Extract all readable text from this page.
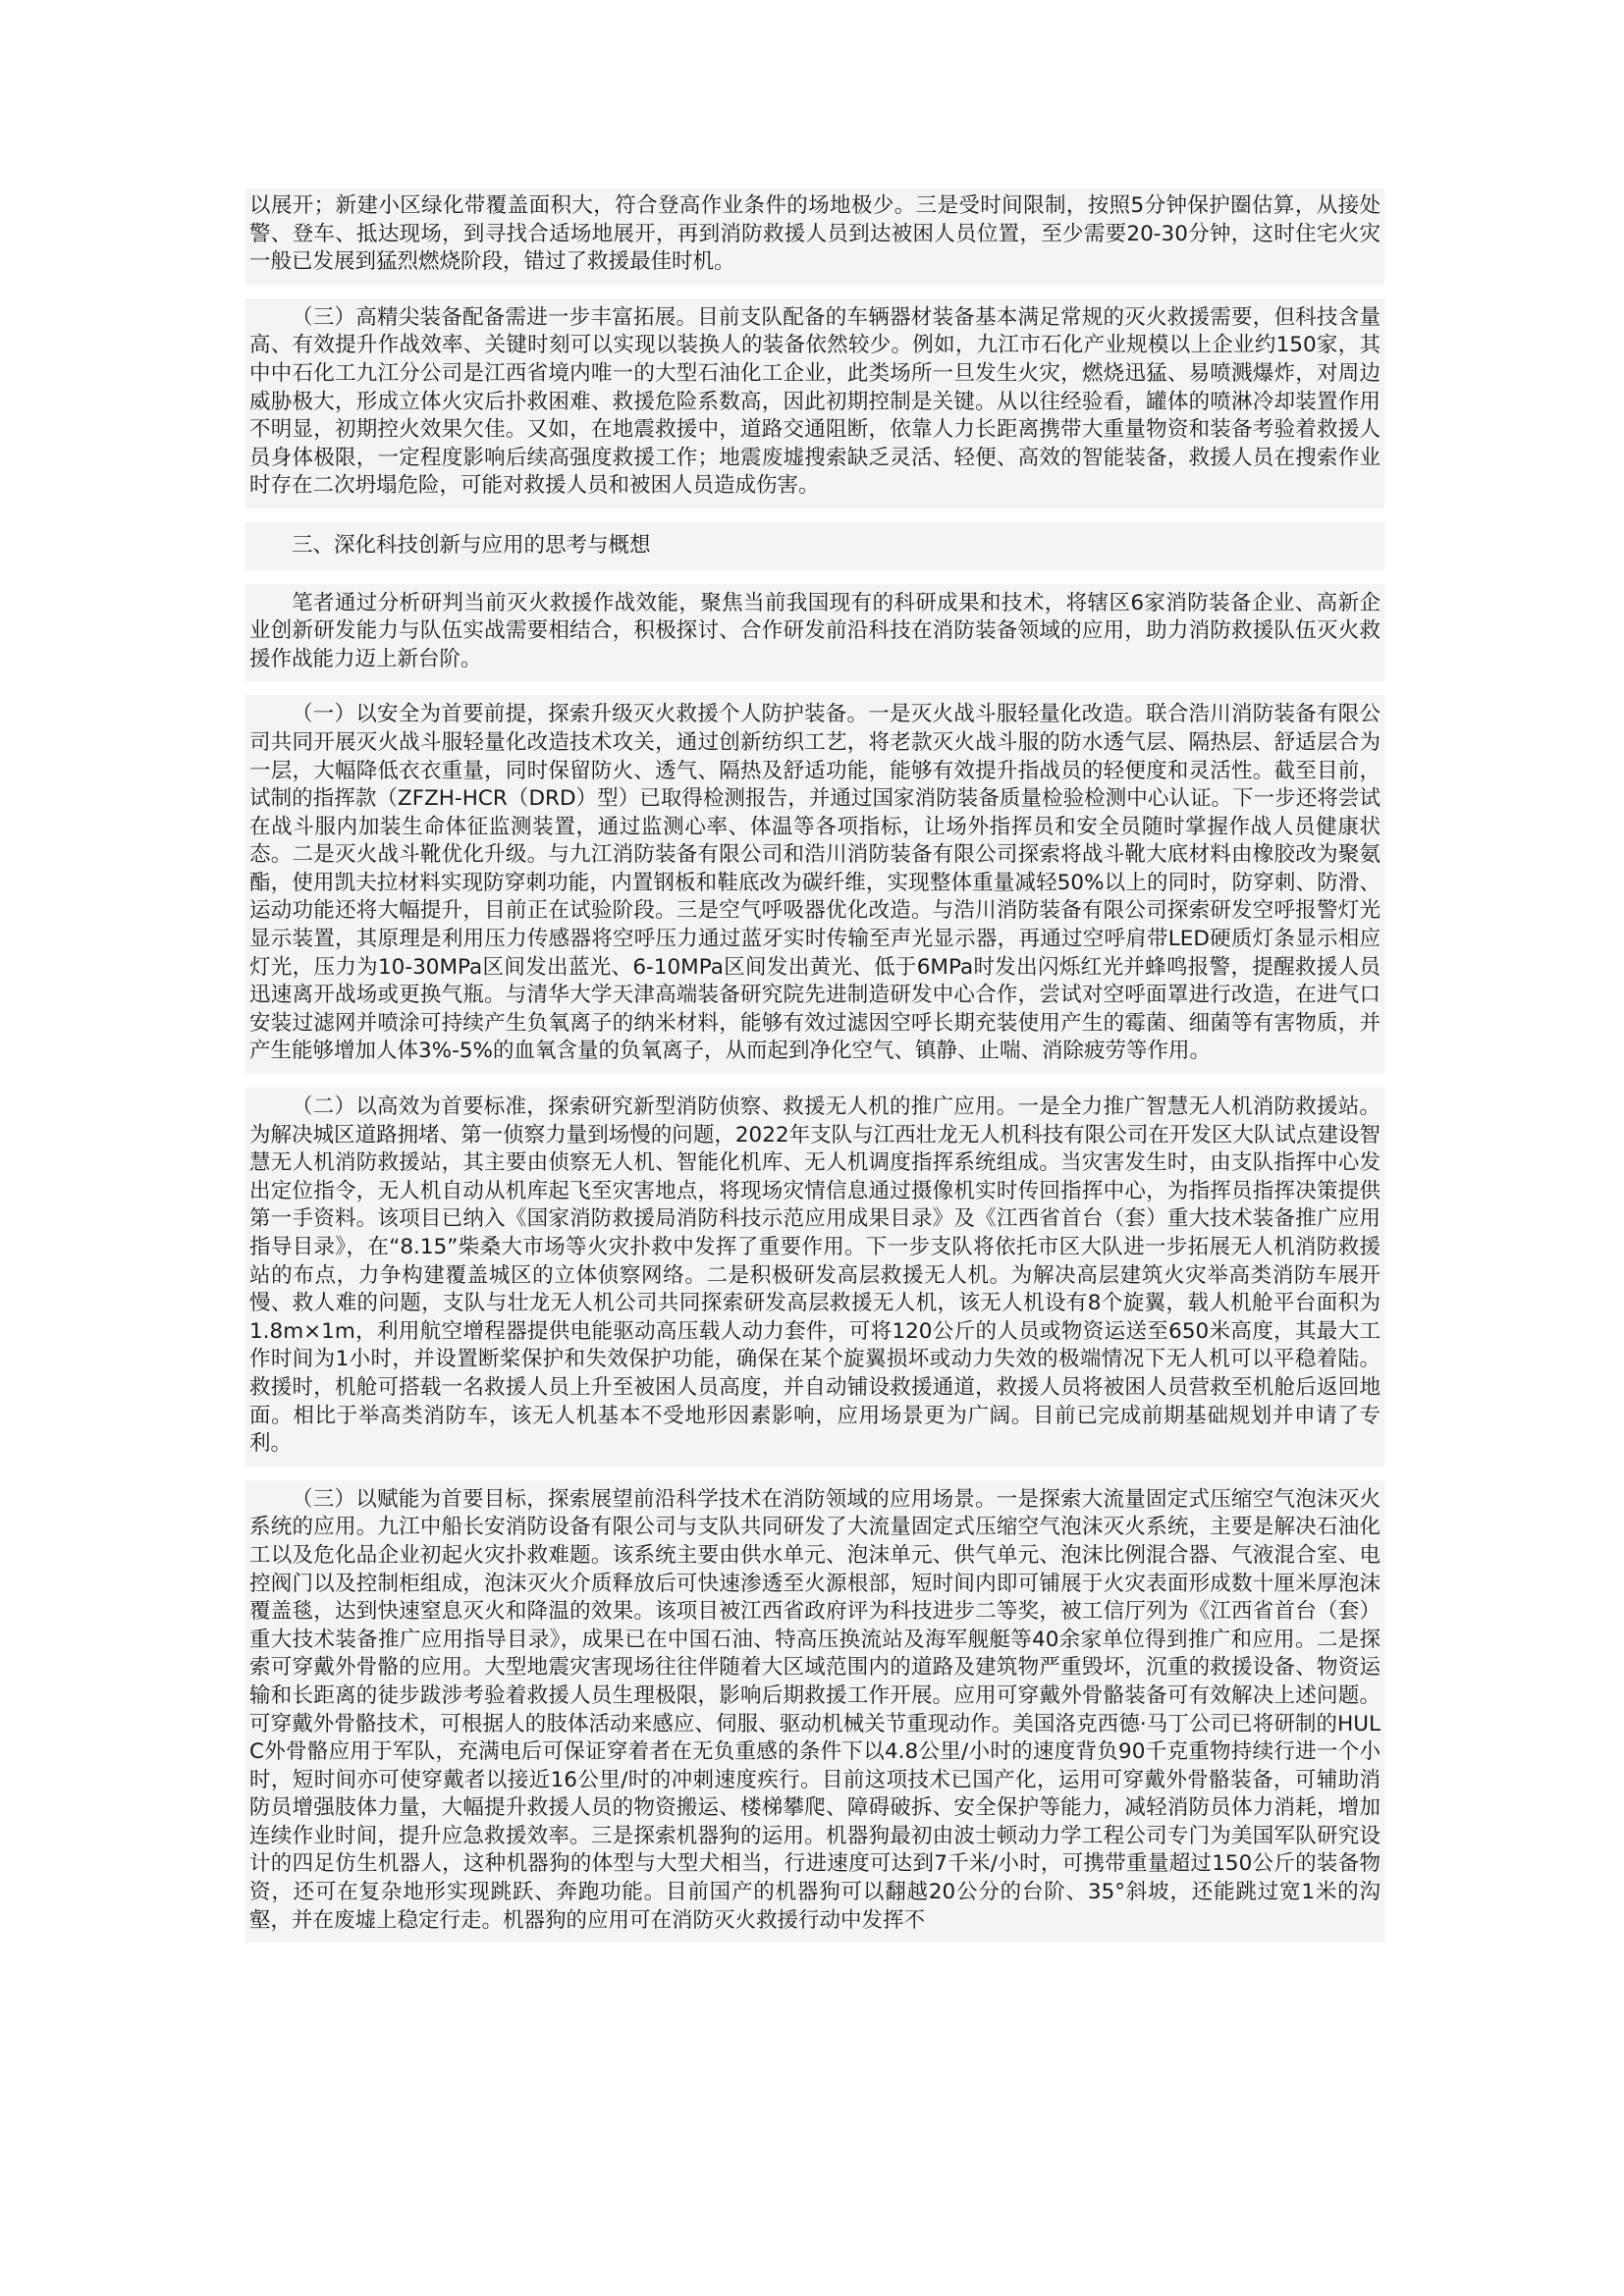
以展开；新建小区绿化带覆盖面积大，符合登高作业条件的场地极少。三是受时间限制，按照5分钟保护圈估算，从接处警、登车、抵达现场，到寻找合适场地展开，再到消防救援人员到达被困人员位置，至少需要20-30分钟，这时住宅火灾一般已发展到猛烈燃烧阶段，错过了救援最佳时机。

（三）高精尖装备配备需进一步丰富拓展。目前支队配备的车辆器材装备基本满足常规的灭火救援需要，但科技含量高、有效提升作战效率、关键时刻可以实现以装换人的装备依然较少。例如，九江市石化产业规模以上企业约150家，其中中石化工九江分公司是江西省境内唯一的大型石油化工企业，此类场所一旦发生火灾，燃烧迅猛、易喷溅爆炸，对周边威胁极大，形成立体火灾后扑救困难、救援危险系数高，因此初期控制是关键。从以往经验看，罐体的喷淋冷却装置作用不明显，初期控火效果欠佳。又如，在地震救援中，道路交通阻断，依靠人力长距离携带大重量物资和装备考验着救援人员身体极限，一定程度影响后续高强度救援工作；地震废墟搜索缺乏灵活、轻便、高效的智能装备，救援人员在搜索作业时存在二次坍塌危险，可能对救援人员和被困人员造成伤害。

三、深化科技创新与应用的思考与概想

笔者通过分析研判当前灭火救援作战效能，聚焦当前我国现有的科研成果和技术，将辖区6家消防装备企业、高新企业创新研发能力与队伍实战需要相结合，积极探讨、合作研发前沿科技在消防装备领域的应用，助力消防救援队伍灭火救援作战能力迈上新台阶。

（一）以安全为首要前提，探索升级灭火救援个人防护装备。一是灭火战斗服轻量化改造。联合浩川消防装备有限公司共同开展灭火战斗服轻量化改造技术攻关，通过创新纺织工艺，将老款灭火战斗服的防水透气层、隔热层、舒适层合为一层，大幅降低衣衣重量，同时保留防火、透气、隔热及舒适功能，能够有效提升指战员的轻便度和灵活性。截至目前，试制的指挥款（ZFZH-HCR（DRD）型）已取得检测报告，并通过国家消防装备质量检验检测中心认证。下一步还将尝试在战斗服内加装生命体征监测装置，通过监测心率、体温等各项指标，让场外指挥员和安全员随时掌握作战人员健康状态。二是灭火战斗靴优化升级。与九江消防装备有限公司和浩川消防装备有限公司探索将战斗靴大底材料由橡胶改为聚氨酯，使用凯夫拉材料实现防穿刺功能，内置钢板和鞋底改为碳纤维，实现整体重量减轻50%以上的同时，防穿刺、防滑、运动功能还将大幅提升，目前正在试验阶段。三是空气呼吸器优化改造。与浩川消防装备有限公司探索研发空呼报警灯光显示装置，其原理是利用压力传感器将空呼压力通过蓝牙实时传输至声光显示器，再通过空呼肩带LED硬质灯条显示相应灯光，压力为10-30MPa区间发出蓝光、6-10MPa区间发出黄光、低于6MPa时发出闪烁红光并蜂鸣报警，提醒救援人员迅速离开战场或更换气瓶。与清华大学天津高端装备研究院先进制造研发中心合作，尝试对空呼面罩进行改造，在进气口安装过滤网并喷涂可持续产生负氧离子的纳米材料，能够有效过滤因空呼长期充装使用产生的霉菌、细菌等有害物质，并产生能够增加人体3%-5%的血氧含量的负氧离子，从而起到净化空气、镇静、止喘、消除疲劳等作用。

（二）以高效为首要标准，探索研究新型消防侦察、救援无人机的推广应用。一是全力推广智慧无人机消防救援站。为解决城区道路拥堵、第一侦察力量到场慢的问题，2022年支队与江西壮龙无人机科技有限公司在开发区大队试点建设智慧无人机消防救援站，其主要由侦察无人机、智能化机库、无人机调度指挥系统组成。当灾害发生时，由支队指挥中心发出定位指令，无人机自动从机库起飞至灾害地点，将现场灾情信息通过摄像机实时传回指挥中心，为指挥员指挥决策提供第一手资料。该项目已纳入《国家消防救援局消防科技示范应用成果目录》及《江西省首台（套）重大技术装备推广应用指导目录》，在“8.15”柴桑大市场等火灾扑救中发挥了重要作用。下一步支队将依托市区大队进一步拓展无人机消防救援站的布点，力争构建覆盖城区的立体侦察网络。二是积极研发高层救援无人机。为解决高层建筑火灾举高类消防车展开慢、救人难的问题，支队与壮龙无人机公司共同探索研发高层救援无人机，该无人机设有8个旋翼，载人机舱平台面积为1.8m×1m，利用航空增程器提供电能驱动高压载人动力套件，可将120公斤的人员或物资运送至650米高度，其最大工作时间为1小时，并设置断桨保护和失效保护功能，确保在某个旋翼损坏或动力失效的极端情况下无人机可以平稳着陆。救援时，机舱可搭载一名救援人员上升至被困人员高度，并自动铺设救援通道，救援人员将被困人员营救至机舱后返回地面。相比于举高类消防车，该无人机基本不受地形因素影响，应用场景更为广阔。目前已完成前期基础规划并申请了专利。

（三）以赋能为首要目标，探索展望前沿科学技术在消防领域的应用场景。一是探索大流量固定式压缩空气泡沫灭火系统的应用。九江中船长安消防设备有限公司与支队共同研发了大流量固定式压缩空气泡沫灭火系统，主要是解决石油化工以及危化品企业初起火灾扑救难题。该系统主要由供水单元、泡沫单元、供气单元、泡沫比例混合器、气液混合室、电控阀门以及控制柜组成，泡沫灭火介质释放后可快速渗透至火源根部，短时间内即可铺展于火灾表面形成数十厘米厚泡沫覆盖毯，达到快速窒息灭火和降温的效果。该项目被江西省政府评为科技进步二等奖，被工信厅列为《江西省首台（套）重大技术装备推广应用指导目录》，成果已在中国石油、特高压换流站及海军舰艇等40余家单位得到推广和应用。二是探索可穿戴外骨骼的应用。大型地震灾害现场往往伴随着大区域范围内的道路及建筑物严重毁坏，沉重的救援设备、物资运输和长距离的徒步跋涉考验着救援人员生理极限，影响后期救援工作开展。应用可穿戴外骨骼装备可有效解决上述问题。可穿戴外骨骼技术，可根据人的肢体活动来感应、伺服、驱动机械关节重现动作。美国洛克西德·马丁公司已将研制的HULC外骨骼应用于军队，充满电后可保证穿着者在无负重感的条件下以4.8公里/小时的速度背负90千克重物持续行进一个小时，短时间亦可使穿戴者以接近16公里/时的冲刺速度疾行。目前这项技术已国产化，运用可穿戴外骨骼装备，可辅助消防员增强肢体力量，大幅提升救援人员的物资搬运、楼梯攀爬、障碍破拆、安全保护等能力，减轻消防员体力消耗，增加连续作业时间，提升应急救援效率。三是探索机器狗的运用。机器狗最初由波士顿动力学工程公司专门为美国军队研究设计的四足仿生机器人，这种机器狗的体型与大型犬相当，行进速度可达到7千米/小时，可携带重量超过150公斤的装备物资，还可在复杂地形实现跳跃、奔跑功能。目前国产的机器狗可以翻越20公分的台阶、35°斜坡，还能跳过宽1米的沟壑，并在废墟上稳定行走。机器狗的应用可在消防灭火救援行动中发挥不
